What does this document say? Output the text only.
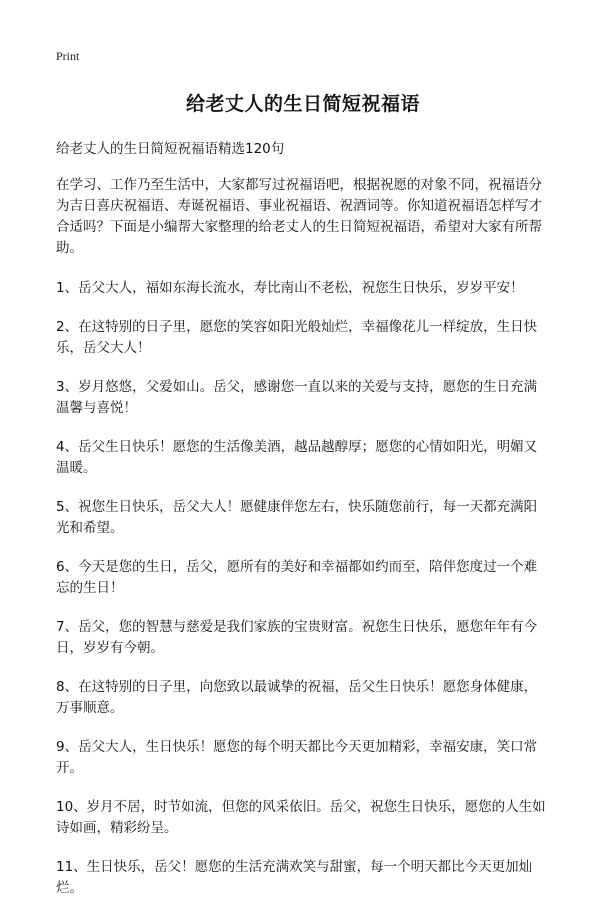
Print
给老丈人的生日简短祝福语

给老丈人的生日简短祝福语精选120句

在学习、工作乃至生活中，大家都写过祝福语吧，根据祝愿的对象不同，祝福语分为吉日喜庆祝福语、寿诞祝福语、事业祝福语、祝酒词等。你知道祝福语怎样写才合适吗？下面是小编帮大家整理的给老丈人的生日简短祝福语，希望对大家有所帮助。

1、岳父大人，福如东海长流水，寿比南山不老松，祝您生日快乐，岁岁平安！

2、在这特别的日子里，愿您的笑容如阳光般灿烂，幸福像花儿一样绽放，生日快乐，岳父大人！

3、岁月悠悠，父爱如山。岳父，感谢您一直以来的关爱与支持，愿您的生日充满温馨与喜悦！

4、岳父生日快乐！愿您的生活像美酒，越品越醇厚；愿您的心情如阳光，明媚又温暖。

5、祝您生日快乐，岳父大人！愿健康伴您左右，快乐随您前行，每一天都充满阳光和希望。

6、今天是您的生日，岳父，愿所有的美好和幸福都如约而至，陪伴您度过一个难忘的生日！

7、岳父，您的智慧与慈爱是我们家族的宝贵财富。祝您生日快乐，愿您年年有今日，岁岁有今朝。

8、在这特别的日子里，向您致以最诚挚的祝福，岳父生日快乐！愿您身体健康，万事顺意。

9、岳父大人，生日快乐！愿您的每个明天都比今天更加精彩，幸福安康，笑口常开。

10、岁月不居，时节如流，但您的风采依旧。岳父，祝您生日快乐，愿您的人生如诗如画，精彩纷呈。

11、生日快乐，岳父！愿您的生活充满欢笑与甜蜜，每一个明天都比今天更加灿烂。
